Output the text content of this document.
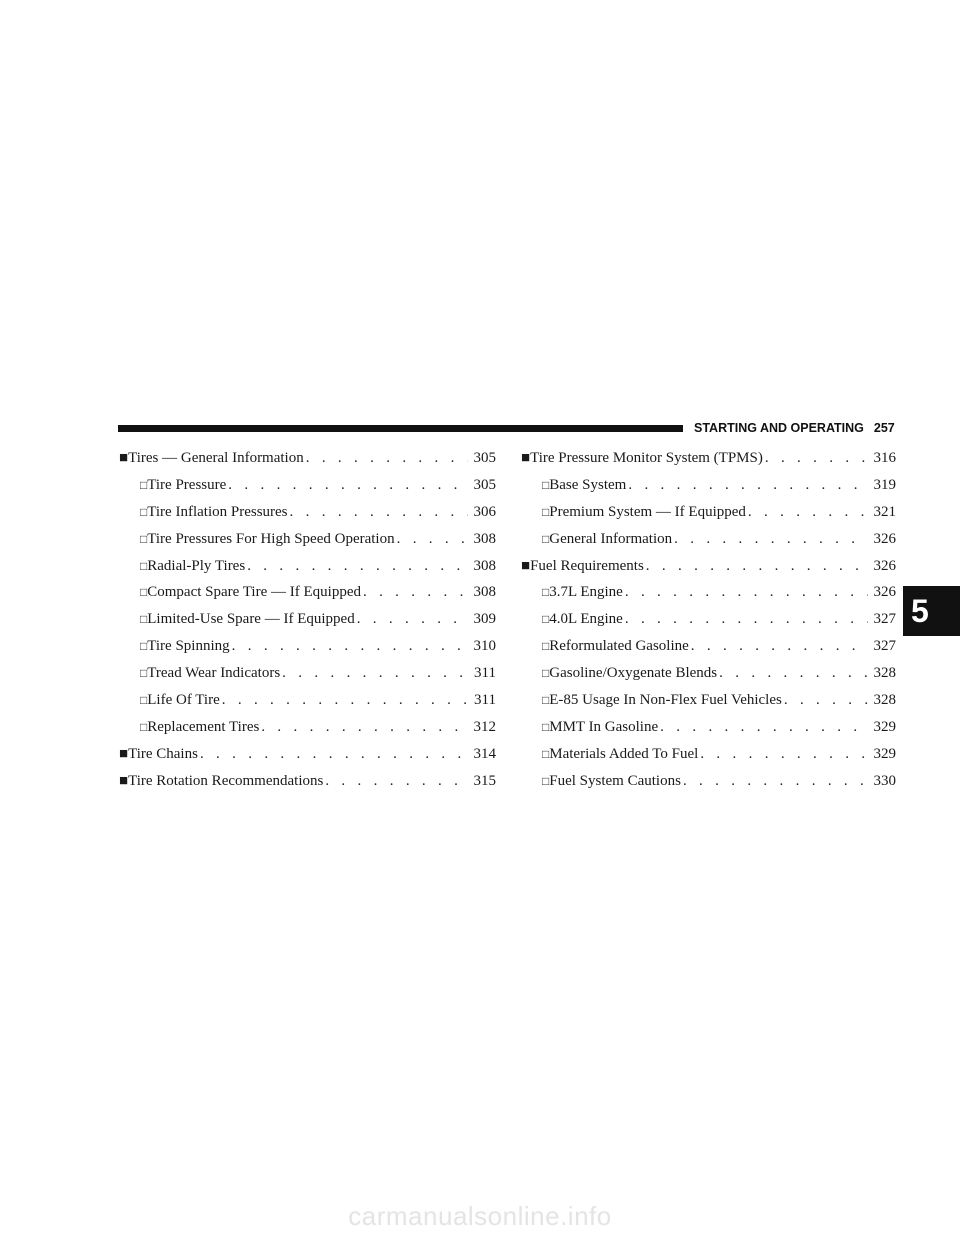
STARTING AND OPERATING 257
■ Tires — General Information . . .	305
□ Tire Pressure . . .	305
□ Tire Inflation Pressures . . .	306
□ Tire Pressures For High Speed Operation . . .	308
□ Radial-Ply Tires . . .	308
□ Compact Spare Tire — If Equipped . . .	308
□ Limited-Use Spare — If Equipped . . .	309
□ Tire Spinning . . .	310
□ Tread Wear Indicators . . .	311
□ Life Of Tire . . .	311
□ Replacement Tires . . .	312
■ Tire Chains . . .	314
■ Tire Rotation Recommendations . . .	315
■ Tire Pressure Monitor System (TPMS) . . .	316
□ Base System . . .	319
□ Premium System — If Equipped . . .	321
□ General Information . . .	326
■ Fuel Requirements . . .	326
□ 3.7L Engine . . .	326
□ 4.0L Engine . . .	327
□ Reformulated Gasoline . . .	327
□ Gasoline/Oxygenate Blends . . .	328
□ E-85 Usage In Non-Flex Fuel Vehicles . . .	328
□ MMT In Gasoline . . .	329
□ Materials Added To Fuel . . .	329
□ Fuel System Cautions . . .	330
5
carmanualsonline.info
